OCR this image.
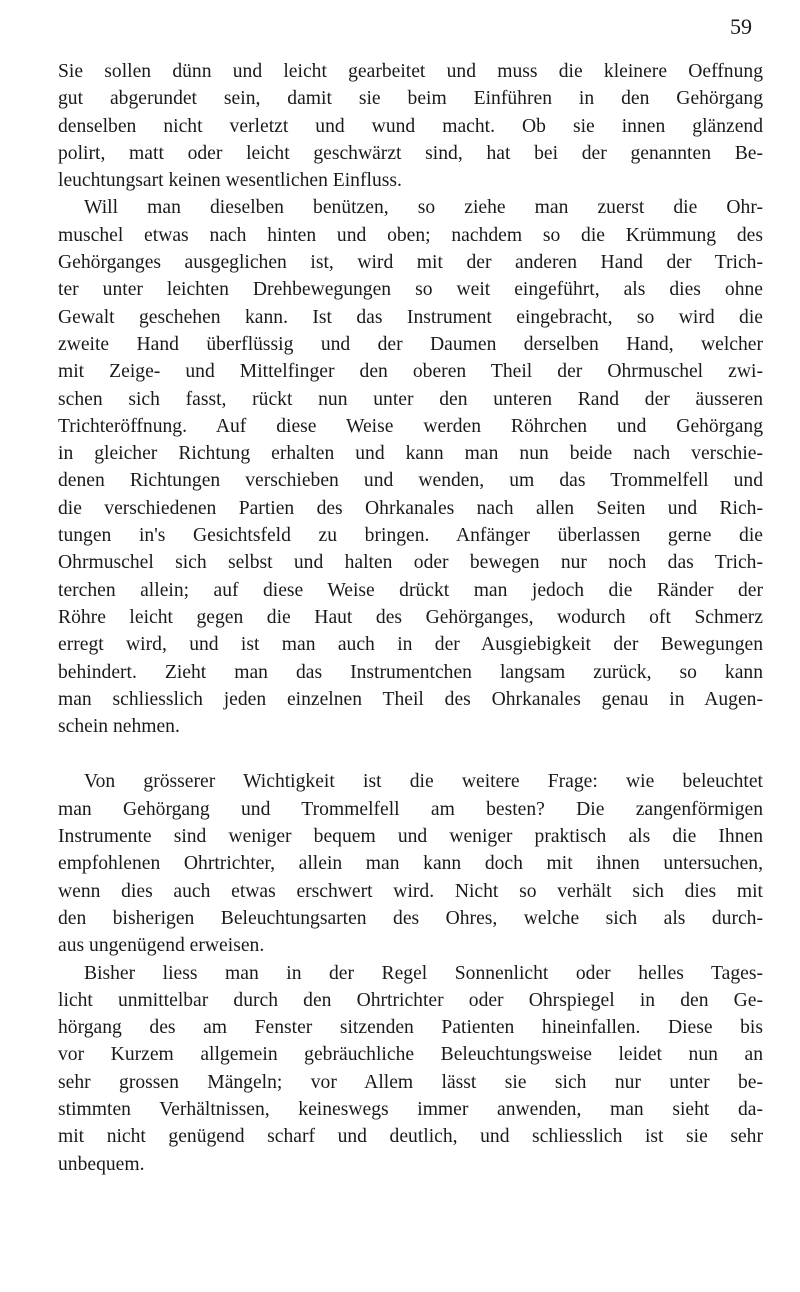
59
Sie sollen dünn und leicht gearbeitet und muss die kleinere Oeffnung
gut abgerundet sein, damit sie beim Einführen in den Gehörgang
denselben nicht verletzt und wund macht. Ob sie innen glänzend
polirt, matt oder leicht geschwärzt sind, hat bei der genannten Be-
leuchtungsart keinen wesentlichen Einfluss.
Will man dieselben benützen, so ziehe man zuerst die Ohr-
muschel etwas nach hinten und oben; nachdem so die Krümmung des
Gehörganges ausgeglichen ist, wird mit der anderen Hand der Trich-
ter unter leichten Drehbewegungen so weit eingeführt, als dies ohne
Gewalt geschehen kann. Ist das Instrument eingebracht, so wird die
zweite Hand überflüssig und der Daumen derselben Hand, welcher
mit Zeige- und Mittelfinger den oberen Theil der Ohrmuschel zwi-
schen sich fasst, rückt nun unter den unteren Rand der äusseren
Trichteröffnung. Auf diese Weise werden Röhrchen und Gehörgang
in gleicher Richtung erhalten und kann man nun beide nach verschie-
denen Richtungen verschieben und wenden, um das Trommelfell und
die verschiedenen Partien des Ohrkanales nach allen Seiten und Rich-
tungen in's Gesichtsfeld zu bringen. Anfänger überlassen gerne die
Ohrmuschel sich selbst und halten oder bewegen nur noch das Trich-
terchen allein; auf diese Weise drückt man jedoch die Ränder der
Röhre leicht gegen die Haut des Gehörganges, wodurch oft Schmerz
erregt wird, und ist man auch in der Ausgiebigkeit der Bewegungen
behindert. Zieht man das Instrumentchen langsam zurück, so kann
man schliesslich jeden einzelnen Theil des Ohrkanales genau in Augen-
schein nehmen.
Von grösserer Wichtigkeit ist die weitere Frage: wie beleuchtet
man Gehörgang und Trommelfell am besten? Die zangenförmigen
Instrumente sind weniger bequem und weniger praktisch als die Ihnen
empfohlenen Ohrtrichter, allein man kann doch mit ihnen untersuchen,
wenn dies auch etwas erschwert wird. Nicht so verhält sich dies mit
den bisherigen Beleuchtungsarten des Ohres, welche sich als durch-
aus ungenügend erweisen.
Bisher liess man in der Regel Sonnenlicht oder helles Tages-
licht unmittelbar durch den Ohrtrichter oder Ohrspiegel in den Ge-
hörgang des am Fenster sitzenden Patienten hineinfallen. Diese bis
vor Kurzem allgemein gebräuchliche Beleuchtungsweise leidet nun an
sehr grossen Mängeln; vor Allem lässt sie sich nur unter be-
stimmten Verhältnissen, keineswegs immer anwenden, man sieht da-
mit nicht genügend scharf und deutlich, und schliesslich ist sie sehr
unbequem.
